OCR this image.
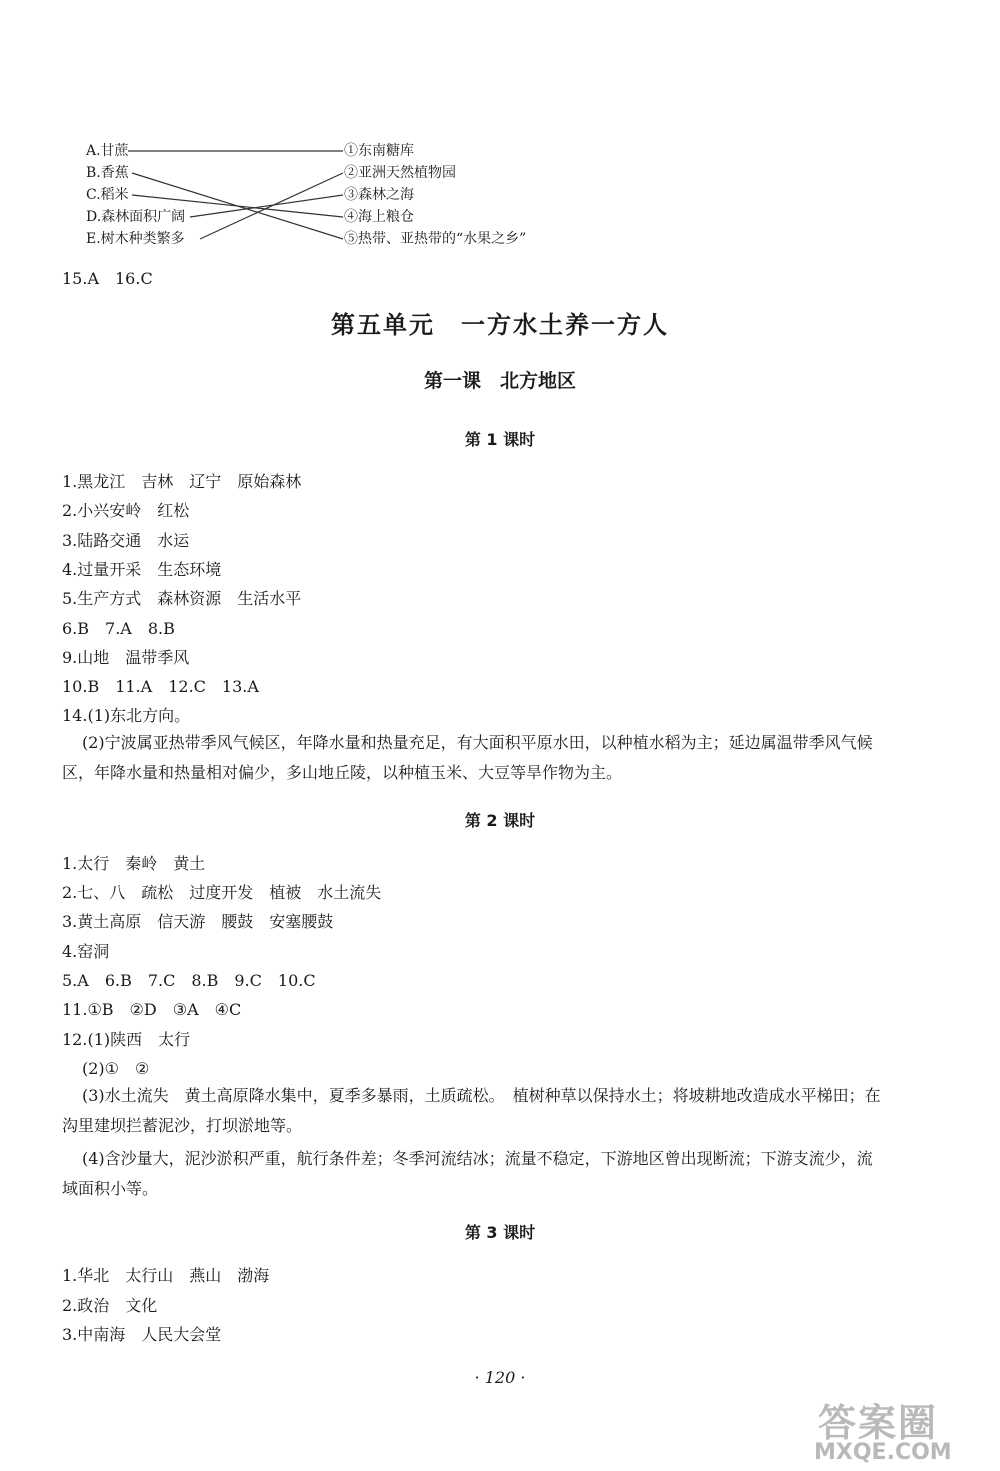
A.甘蔗
B.香蕉
C.稻米
D.森林面积广阔
E.树木种类繁多
①东南糖库
②亚洲天然植物园
③森林之海
④海上粮仓
⑤热带、亚热带的“水果之乡”
15.A　16.C
第五单元　一方水土养一方人
第一课　北方地区
第 1 课时
1.黑龙江　吉林　辽宁　原始森林
2.小兴安岭　红松
3.陆路交通　水运
4.过量开采　生态环境
5.生产方式　森林资源　生活水平
6.B　7.A　8.B
9.山地　温带季风
10.B　11.A　12.C　13.A
14.(1)东北方向。
(2)宁波属亚热带季风气候区，年降水量和热量充足，有大面积平原水田，以种植水稻为主；延边属温带季风气候区，年降水量和热量相对偏少，多山地丘陵，以种植玉米、大豆等旱作物为主。
第 2 课时
1.太行　秦岭　黄土
2.七、八　疏松　过度开发　植被　水土流失
3.黄土高原　信天游　腰鼓　安塞腰鼓
4.窑洞
5.A　6.B　7.C　8.B　9.C　10.C
11.①B　②D　③A　④C
12.(1)陕西　太行
(2)①　②
(3)水土流失　黄土高原降水集中，夏季多暴雨，土质疏松。　植树种草以保持水土；将坡耕地改造成水平梯田；在沟里建坝拦蓄泥沙，打坝淤地等。
(4)含沙量大，泥沙淤积严重，航行条件差；冬季河流结冰；流量不稳定，下游地区曾出现断流；下游支流少，流域面积小等。
第 3 课时
1.华北　太行山　燕山　渤海
2.政治　文化
3.中南海　人民大会堂
· 120 ·
答案圈
MXQE.COM
